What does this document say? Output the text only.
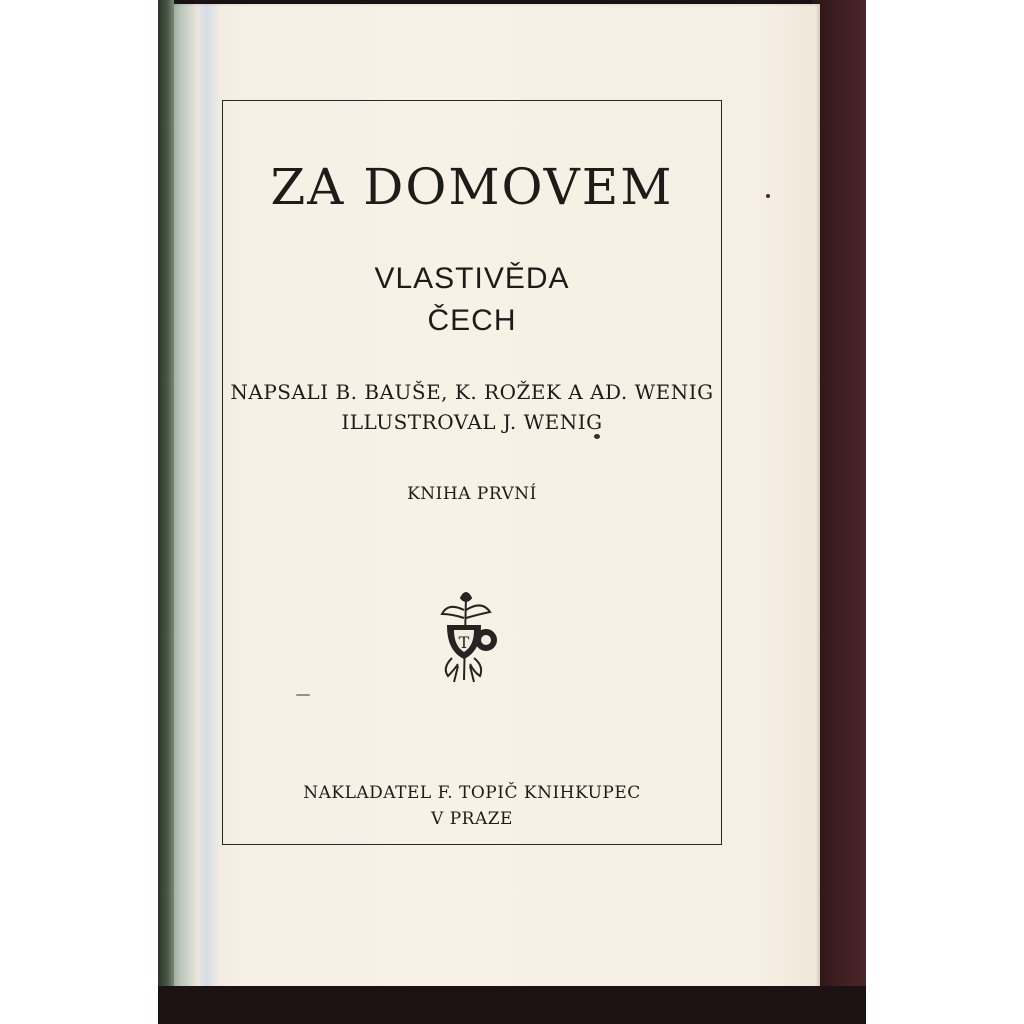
ZA DOMOVEM
VLASTIVĚDA
ČECH
NAPSALI B. BAUŠE, K. ROŽEK A AD. WENIG
ILLUSTROVAL J. WENIG
KNIHA PRVNÍ
T
NAKLADATEL F. TOPIČ KNIHKUPEC
V PRAZE
